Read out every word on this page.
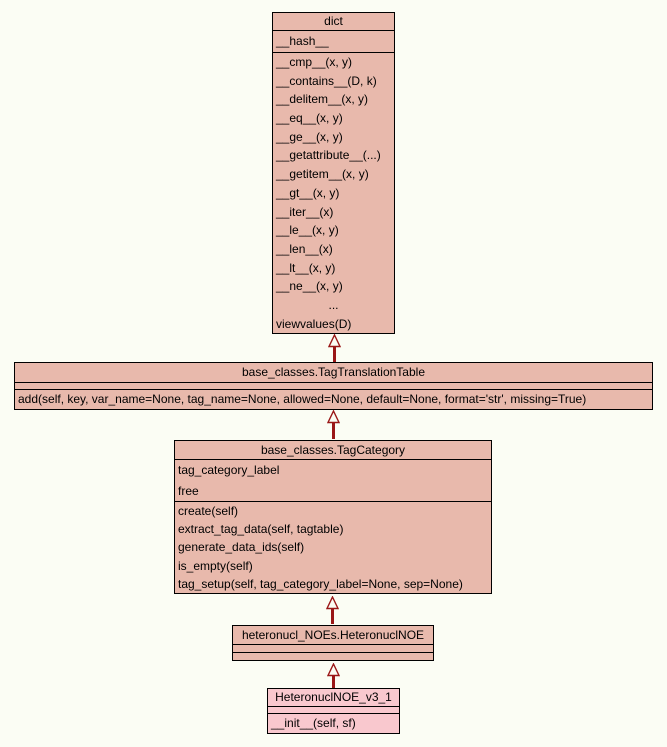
dict
__hash__
__cmp__(x, y)
__contains__(D, k)
__delitem__(x, y)
__eq__(x, y)
__ge__(x, y)
__getattribute__(...)
__getitem__(x, y)
__gt__(x, y)
__iter__(x)
__le__(x, y)
__len__(x)
__lt__(x, y)
__ne__(x, y)
...
viewvalues(D)
base_classes.TagTranslationTable
add(self, key, var_name=None, tag_name=None, allowed=None, default=None, format='str', missing=True)
base_classes.TagCategory
tag_category_label
free
create(self)
extract_tag_data(self, tagtable)
generate_data_ids(self)
is_empty(self)
tag_setup(self, tag_category_label=None, sep=None)
heteronucl_NOEs.HeteronuclNOE
HeteronuclNOE_v3_1
__init__(self, sf)
